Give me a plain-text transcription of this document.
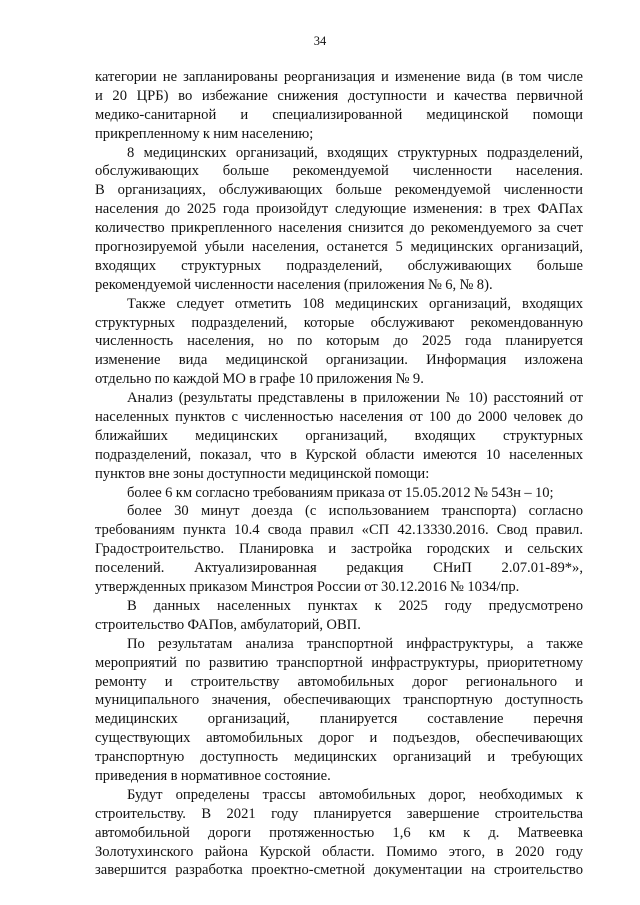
34
категории не запланированы реорганизация и изменение вида (в том числе
и 20 ЦРБ) во избежание снижения доступности и качества первичной
медико-санитарной и специализированной медицинской помощи
прикрепленному к ним населению;
8 медицинских организаций, входящих структурных подразделений,
обслуживающих больше рекомендуемой численности населения.
В организациях, обслуживающих больше рекомендуемой численности
населения до 2025 года произойдут следующие изменения: в трех ФАПах
количество прикрепленного населения снизится до рекомендуемого за счет
прогнозируемой убыли населения, останется 5 медицинских организаций,
входящих структурных подразделений, обслуживающих больше
рекомендуемой численности населения (приложения № 6, № 8).
Также следует отметить 108 медицинских организаций, входящих
структурных подразделений, которые обслуживают рекомендованную
численность населения, но по которым до 2025 года планируется
изменение вида медицинской организации. Информация изложена
отдельно по каждой МО в графе 10 приложения № 9.
Анализ (результаты представлены в приложении № 10) расстояний от
населенных пунктов с численностью населения от 100 до 2000 человек до
ближайших медицинских организаций, входящих структурных
подразделений, показал, что в Курской области имеются 10 населенных
пунктов вне зоны доступности медицинской помощи:
более 6 км согласно требованиям приказа от 15.05.2012 № 543н – 10;
более 30 минут доезда (с использованием транспорта) согласно
требованиям пункта 10.4 свода правил «СП 42.13330.2016. Свод правил.
Градостроительство. Планировка и застройка городских и сельских
поселений. Актуализированная редакция СНиП 2.07.01-89*»,
утвержденных приказом Минстроя России от 30.12.2016 № 1034/пр.
В данных населенных пунктах к 2025 году предусмотрено
строительство ФАПов, амбулаторий, ОВП.
По результатам анализа транспортной инфраструктуры, а также
мероприятий по развитию транспортной инфраструктуры, приоритетному
ремонту и строительству автомобильных дорог регионального и
муниципального значения, обеспечивающих транспортную доступность
медицинских организаций, планируется составление перечня
существующих автомобильных дорог и подъездов, обеспечивающих
транспортную доступность медицинских организаций и требующих
приведения в нормативное состояние.
Будут определены трассы автомобильных дорог, необходимых к
строительству. В 2021 году планируется завершение строительства
автомобильной дороги протяженностью 1,6 км к д. Матвеевка
Золотухинского района Курской области. Помимо этого, в 2020 году
завершится разработка проектно-сметной документации на строительство
